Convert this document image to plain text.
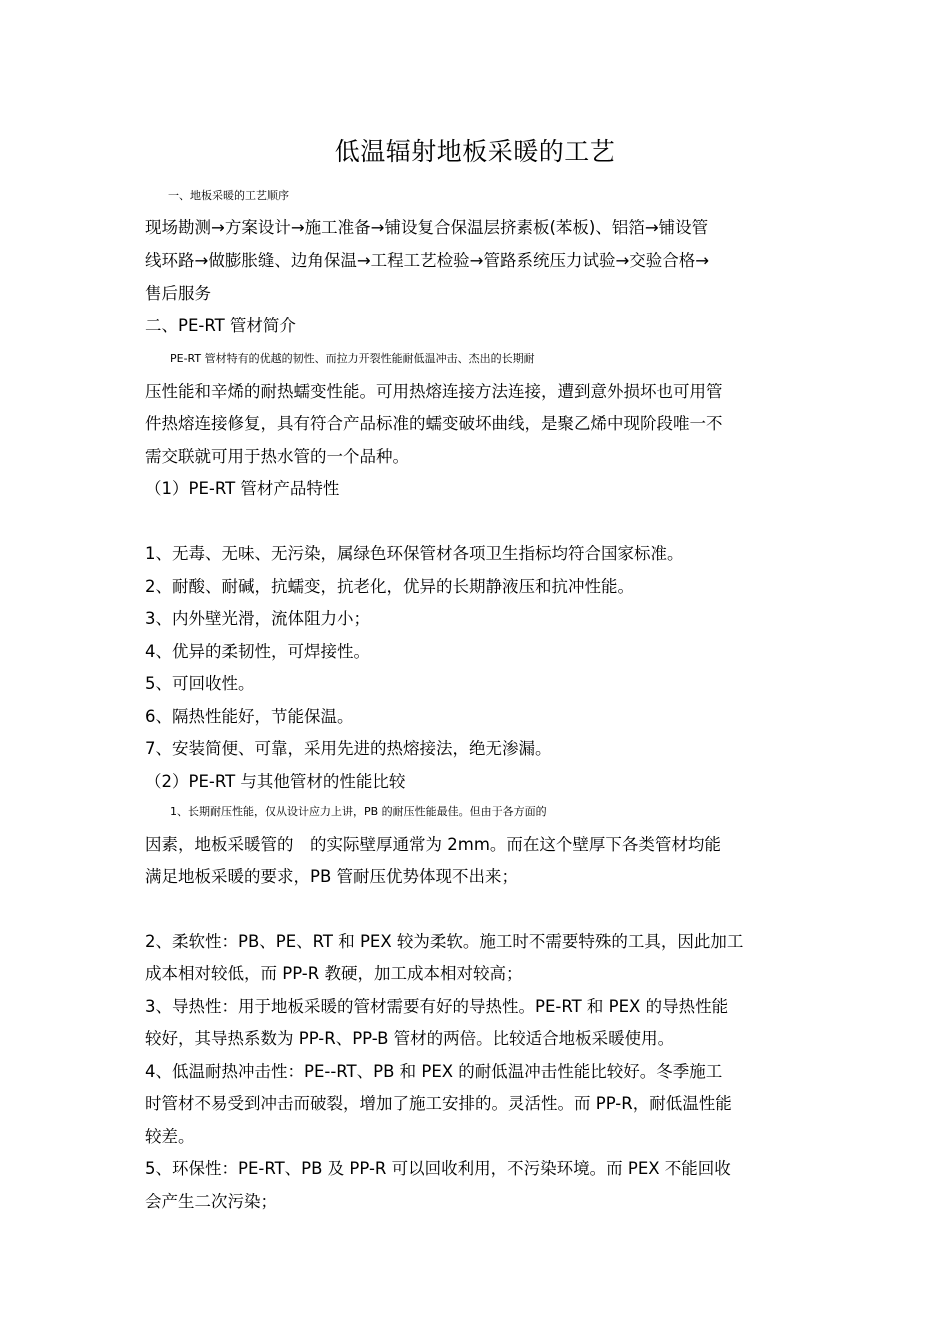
低温辐射地板采暖的工艺
一、地板采暖的工艺顺序
现场勘测→方案设计→施工准备→铺设复合保温层挤素板(苯板)、铝箔→铺设管
线环路→做膨胀缝、边角保温→工程工艺检验→管路系统压力试验→交验合格→
售后服务
二、PE-RT 管材简介
PE-RT 管材特有的优越的韧性、而拉力开裂性能耐低温冲击、杰出的长期耐
压性能和辛烯的耐热蠕变性能。可用热熔连接方法连接，遭到意外损坏也可用管
件热熔连接修复，具有符合产品标准的蠕变破坏曲线，是聚乙烯中现阶段唯一不
需交联就可用于热水管的一个品种。
（1）PE-RT 管材产品特性
1、无毒、无味、无污染，属绿色环保管材各项卫生指标均符合国家标准。
2、耐酸、耐碱，抗蠕变，抗老化，优异的长期静液压和抗冲性能。
3、内外壁光滑，流体阻力小；
4、优异的柔韧性，可焊接性。
5、可回收性。
6、隔热性能好，节能保温。
7、安装简便、可靠，采用先进的热熔接法，绝无渗漏。
（2）PE-RT 与其他管材的性能比较
1、长期耐压性能，仅从设计应力上讲，PB 的耐压性能最佳。但由于各方面的
因素，地板采暖管的　的实际壁厚通常为 2mm。而在这个壁厚下各类管材均能
满足地板采暖的要求，PB 管耐压优势体现不出来；
2、柔软性：PB、PE、RT 和 PEX 较为柔软。施工时不需要特殊的工具，因此加工
成本相对较低，而 PP-R 教硬，加工成本相对较高；
3、导热性：用于地板采暖的管材需要有好的导热性。PE-RT 和 PEX 的导热性能
较好，其导热系数为 PP-R、PP-B 管材的两倍。比较适合地板采暖使用。
4、低温耐热冲击性：PE--RT、PB 和 PEX 的耐低温冲击性能比较好。冬季施工
时管材不易受到冲击而破裂，增加了施工安排的。灵活性。而 PP-R，耐低温性能
较差。
5、环保性：PE-RT、PB 及 PP-R 可以回收利用，不污染环境。而 PEX 不能回收
会产生二次污染；
